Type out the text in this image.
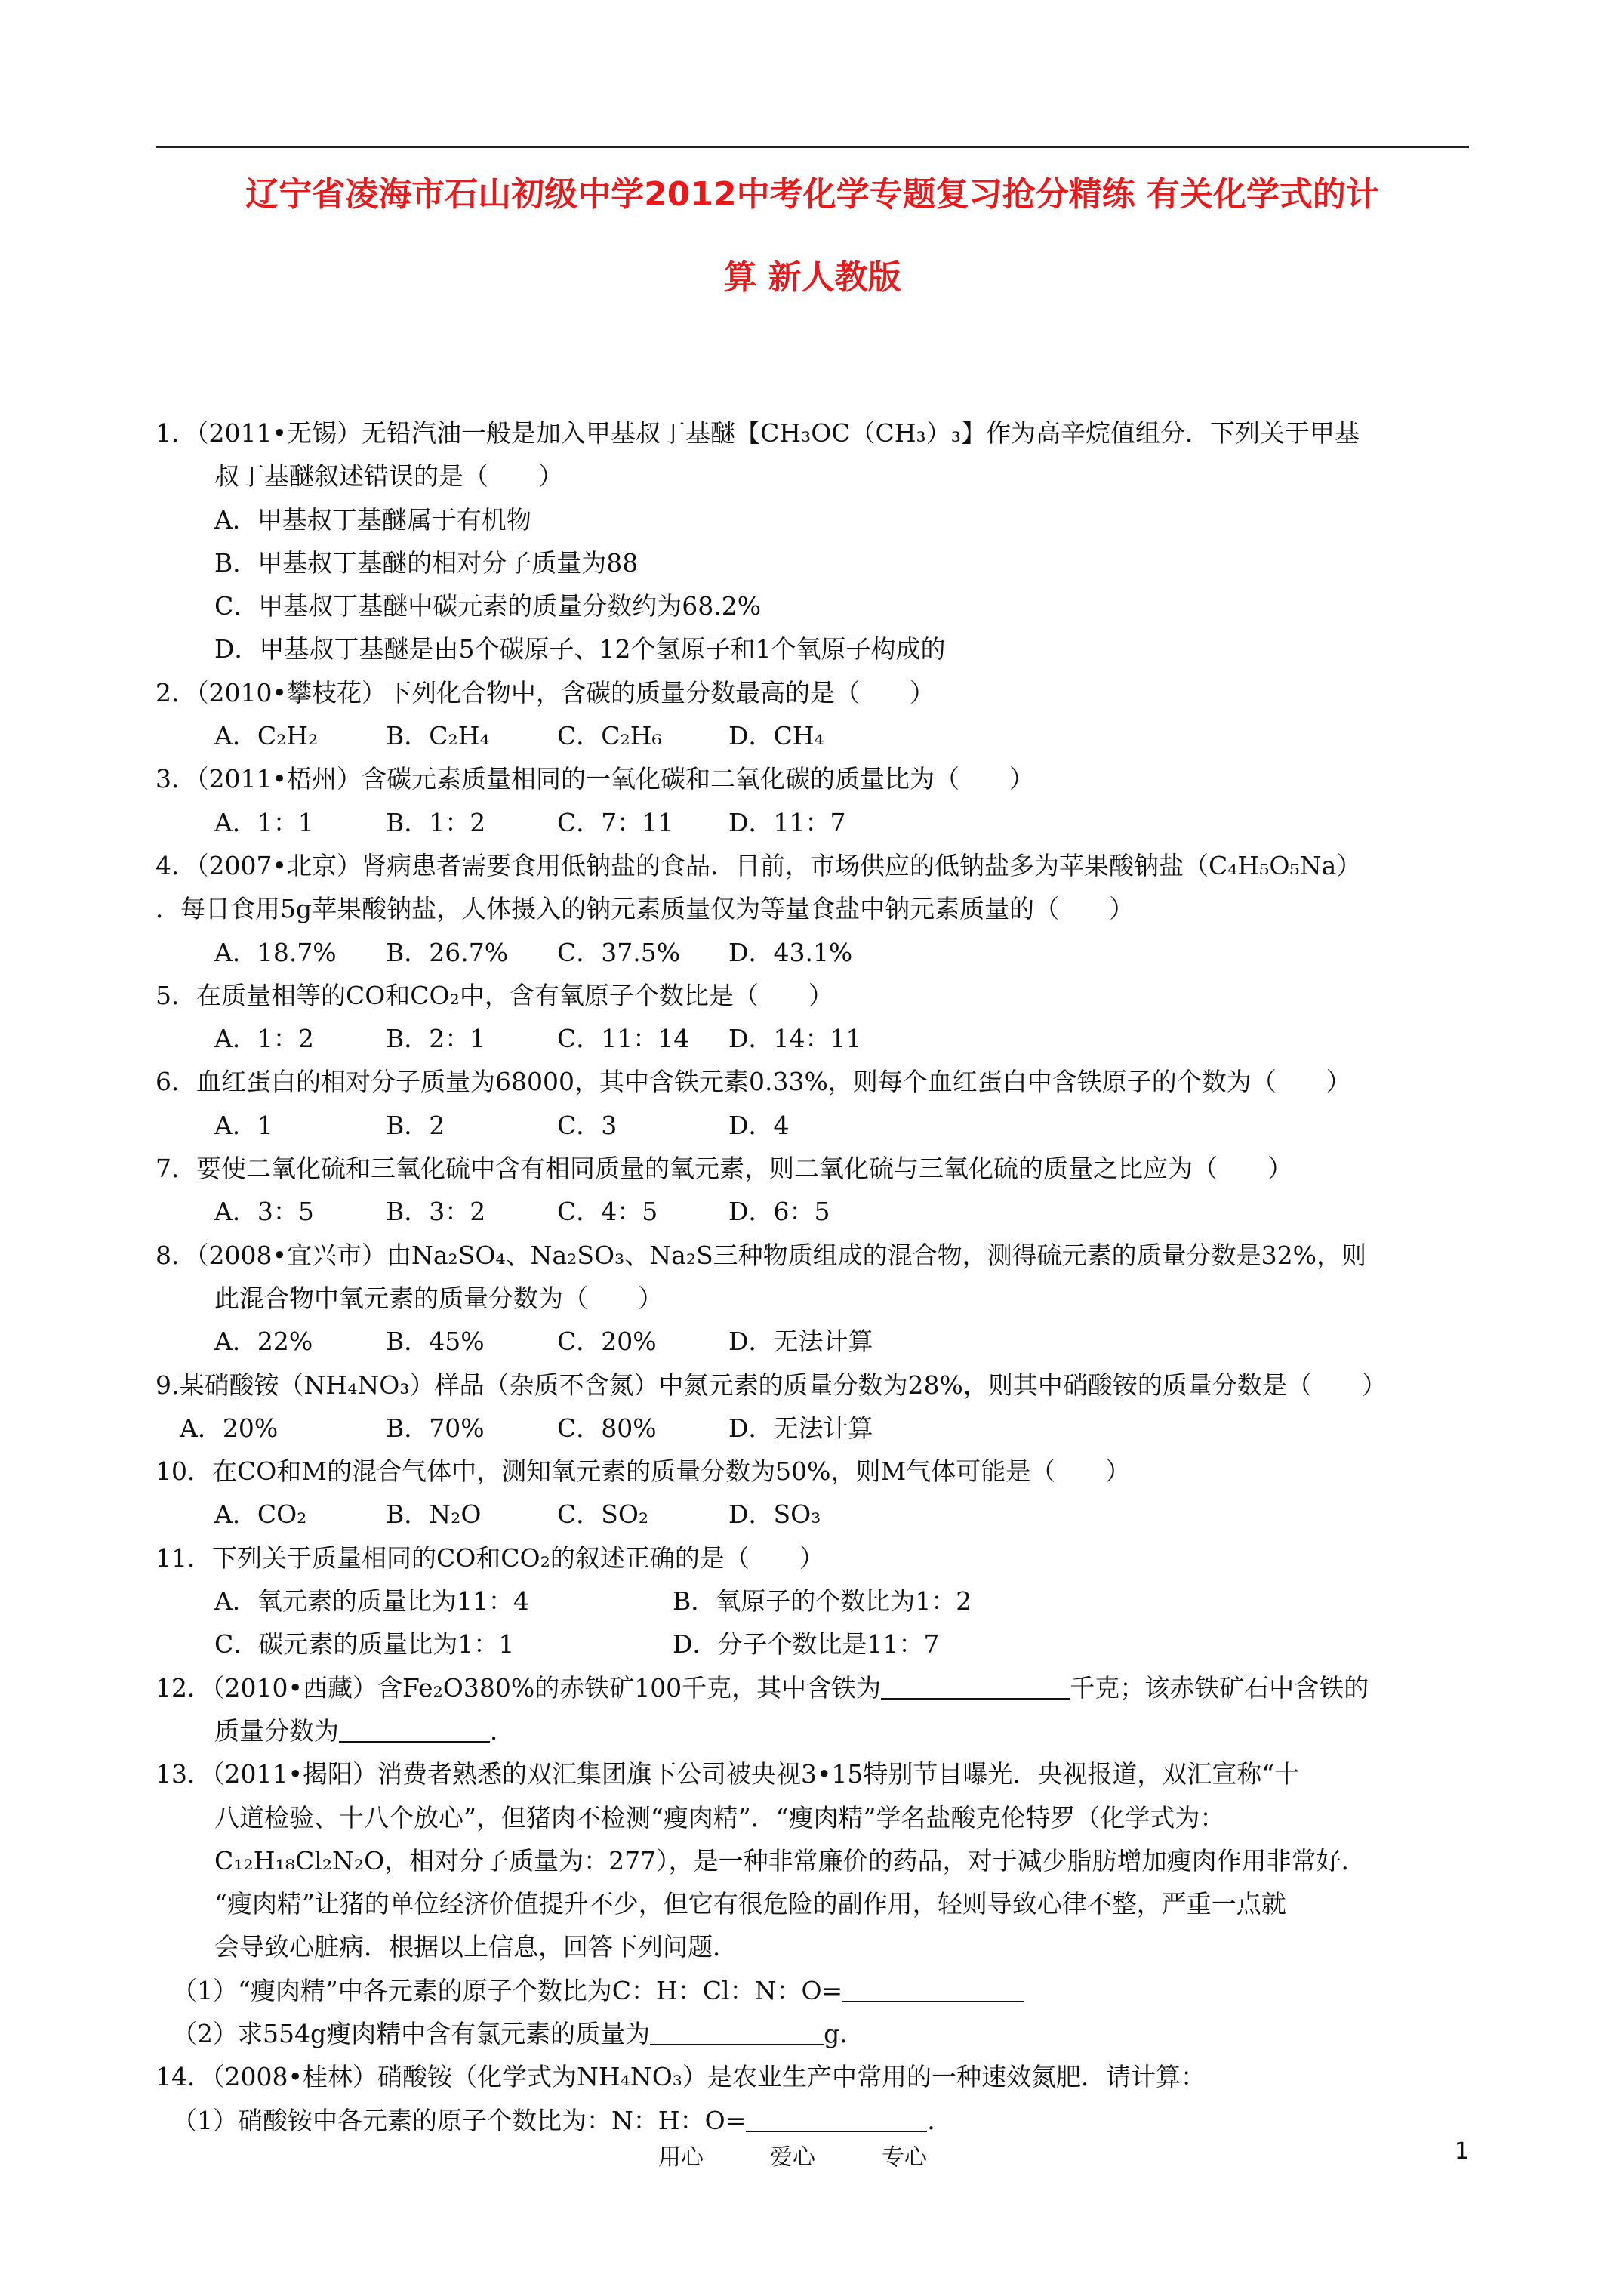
辽宁省凌海市石山初级中学2012中考化学专题复习抢分精练 有关化学式的计
算 新人教版
1．（2011•无锡）无铅汽油一般是加入甲基叔丁基醚【CH₃OC（CH₃）₃】作为高辛烷值组分．下列关于甲基
叔丁基醚叙述错误的是（　　）
A．甲基叔丁基醚属于有机物
B．甲基叔丁基醚的相对分子质量为88
C．甲基叔丁基醚中碳元素的质量分数约为68.2%
D．甲基叔丁基醚是由5个碳原子、12个氢原子和1个氧原子构成的
2．（2010•攀枝花）下列化合物中，含碳的质量分数最高的是（　　）
A．C₂H₂	B．C₂H₄	C．C₂H₆	D．CH₄
3．（2011•梧州）含碳元素质量相同的一氧化碳和二氧化碳的质量比为（　　）
A．1：1	B．1：2	C．7：11 D．11：7
4．（2007•北京）肾病患者需要食用低钠盐的食品．目前，市场供应的低钠盐多为苹果酸钠盐（C₄H₅O₅Na）
．每日食用5g苹果酸钠盐，人体摄入的钠元素质量仅为等量食盐中钠元素质量的（　　）
A．18.7% B．26.7% C．37.5% D．43.1%
5．在质量相等的CO和CO₂中，含有氧原子个数比是（　　）
A．1：2	B．2：1	C．11：14 D．14：11
6．血红蛋白的相对分子质量为68000，其中含铁元素0.33%，则每个血红蛋白中含铁原子的个数为（　　）
A．1	B．2	C．3	D．4
7．要使二氧化硫和三氧化硫中含有相同质量的氧元素，则二氧化硫与三氧化硫的质量之比应为（　　）
A．3：5	B．3：2	C．4：5	D．6：5
8．（2008•宜兴市）由Na₂SO₄、Na₂SO₃、Na₂S三种物质组成的混合物，测得硫元素的质量分数是32%，则
此混合物中氧元素的质量分数为（　　）
A．22%	B．45%	C．20%	D．无法计算
9.某硝酸铵（NH₄NO₃）样品（杂质不含氮）中氮元素的质量分数为28%，则其中硝酸铵的质量分数是（　　）
A．20%	B．70%	C．80%	D．无法计算
10．在CO和M的混合气体中，测知氧元素的质量分数为50%，则M气体可能是（　　）
A．CO₂	B．N₂O	C．SO₂	D．SO₃
11．下列关于质量相同的CO和CO₂的叙述正确的是（　　）
A．氧元素的质量比为11：4	B．氧原子的个数比为1：2
C．碳元素的质量比为1：1	D．分子个数比是11：7
12．（2010•西藏）含Fe₂O380%的赤铁矿100千克，其中含铁为	千克；该赤铁矿石中含铁的
质量分数为	．
13．（2011•揭阳）消费者熟悉的双汇集团旗下公司被央视3•15特别节目曝光．央视报道，双汇宣称“十
八道检验、十八个放心”，但猪肉不检测“瘦肉精”．“瘦肉精”学名盐酸克伦特罗（化学式为：
C₁₂H₁₈Cl₂N₂O，相对分子质量为：277），是一种非常廉价的药品，对于减少脂肪增加瘦肉作用非常好．
“瘦肉精”让猪的单位经济价值提升不少，但它有很危险的副作用，轻则导致心律不整，严重一点就
会导致心脏病．根据以上信息，回答下列问题．
（1）“瘦肉精”中各元素的原子个数比为C：H：Cl：N：O=
（2）求554g瘦肉精中含有氯元素的质量为	g．
14．（2008•桂林）硝酸铵（化学式为NH₄NO₃）是农业生产中常用的一种速效氮肥．请计算：
（1）硝酸铵中各元素的原子个数比为：N：H：O=	．
用心	爱心	专心	1
